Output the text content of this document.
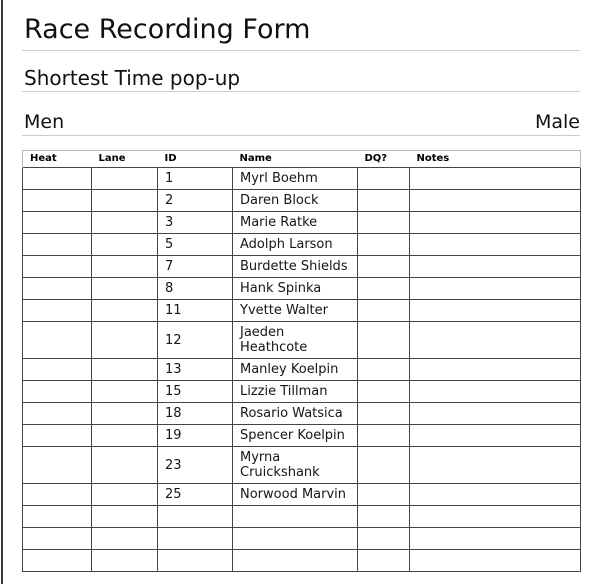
Race Recording Form
Shortest Time pop-up
Men	Male
Heat	Lane	ID	Name	DQ?	Notes
		1	Myrl Boehm		
		2	Daren Block		
		3	Marie Ratke		
		5	Adolph Larson		
		7	Burdette Shields		
		8	Hank Spinka		
		11	Yvette Walter		
		12	Jaeden Heathcote		
		13	Manley Koelpin		
		15	Lizzie Tillman		
		18	Rosario Watsica		
		19	Spencer Koelpin		
		23	Myrna Cruickshank		
		25	Norwood Marvin		
